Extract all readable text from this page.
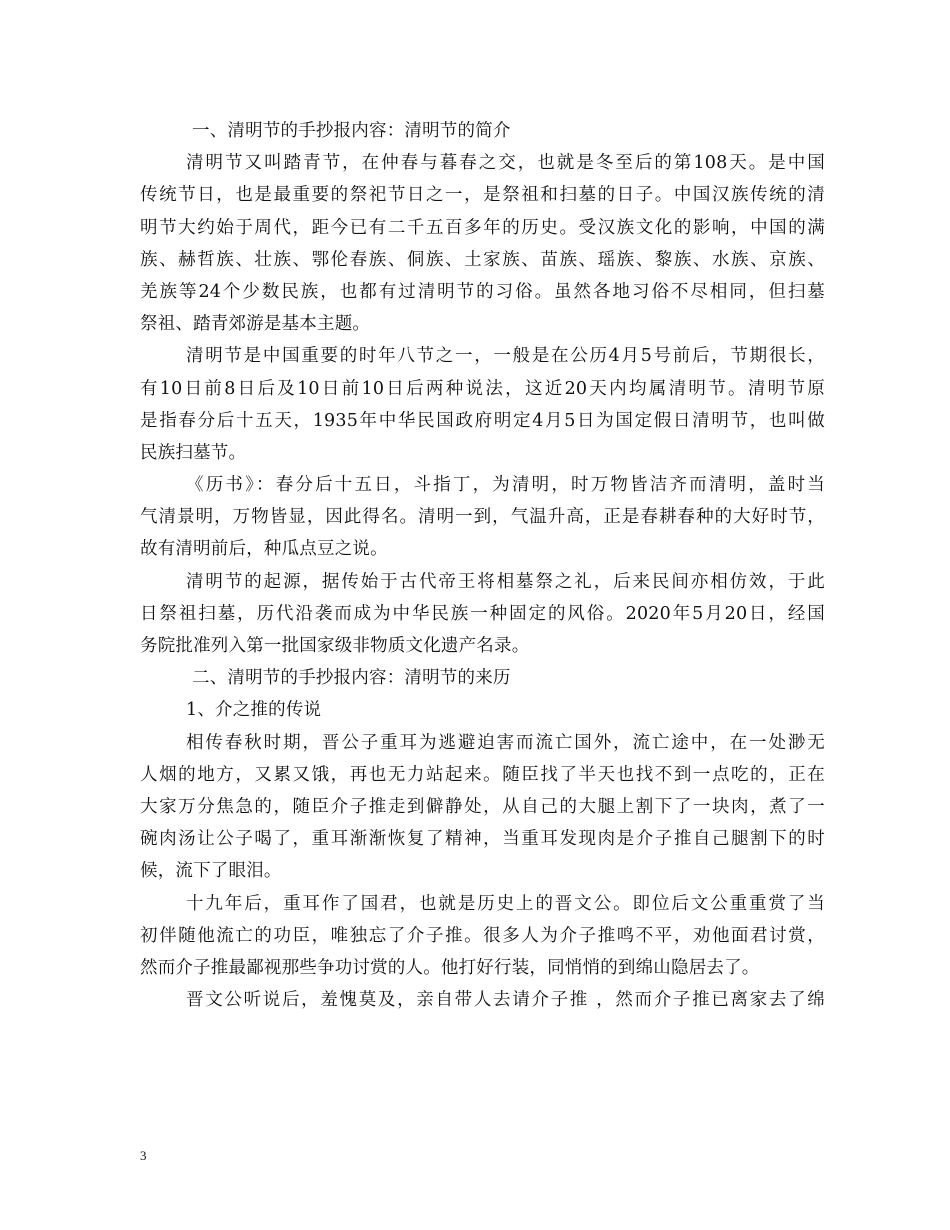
一、清明节的手抄报内容：清明节的简介
清明节又叫踏青节，在仲春与暮春之交，也就是冬至后的第108天。是中国
传统节日，也是最重要的祭祀节日之一，是祭祖和扫墓的日子。中国汉族传统的清
明节大约始于周代，距今已有二千五百多年的历史。受汉族文化的影响，中国的满
族、赫哲族、壮族、鄂伦春族、侗族、土家族、苗族、瑶族、黎族、水族、京族、
羌族等24个少数民族，也都有过清明节的习俗。虽然各地习俗不尽相同，但扫墓
祭祖、踏青郊游是基本主题。
清明节是中国重要的时年八节之一，一般是在公历4月5号前后，节期很长，
有10日前8日后及10日前10日后两种说法，这近20天内均属清明节。清明节原
是指春分后十五天，1935年中华民国政府明定4月5日为国定假日清明节，也叫做
民族扫墓节。
《历书》：春分后十五日，斗指丁，为清明，时万物皆洁齐而清明，盖时当
气清景明，万物皆显，因此得名。清明一到，气温升高，正是春耕春种的大好时节，
故有清明前后，种瓜点豆之说。
清明节的起源，据传始于古代帝王将相墓祭之礼，后来民间亦相仿效，于此
日祭祖扫墓，历代沿袭而成为中华民族一种固定的风俗。2020年5月20日，经国
务院批准列入第一批国家级非物质文化遗产名录。
二、清明节的手抄报内容：清明节的来历
1、介之推的传说
相传春秋时期，晋公子重耳为逃避迫害而流亡国外，流亡途中，在一处渺无
人烟的地方，又累又饿，再也无力站起来。随臣找了半天也找不到一点吃的，正在
大家万分焦急的，随臣介子推走到僻静处，从自己的大腿上割下了一块肉，煮了一
碗肉汤让公子喝了，重耳渐渐恢复了精神，当重耳发现肉是介子推自己腿割下的时
候，流下了眼泪。
十九年后，重耳作了国君，也就是历史上的晋文公。即位后文公重重赏了当
初伴随他流亡的功臣，唯独忘了介子推。很多人为介子推鸣不平，劝他面君讨赏，
然而介子推最鄙视那些争功讨赏的人。他打好行装，同悄悄的到绵山隐居去了。
晋文公听说后，羞愧莫及，亲自带人去请介子推 ，然而介子推已离家去了绵
3
